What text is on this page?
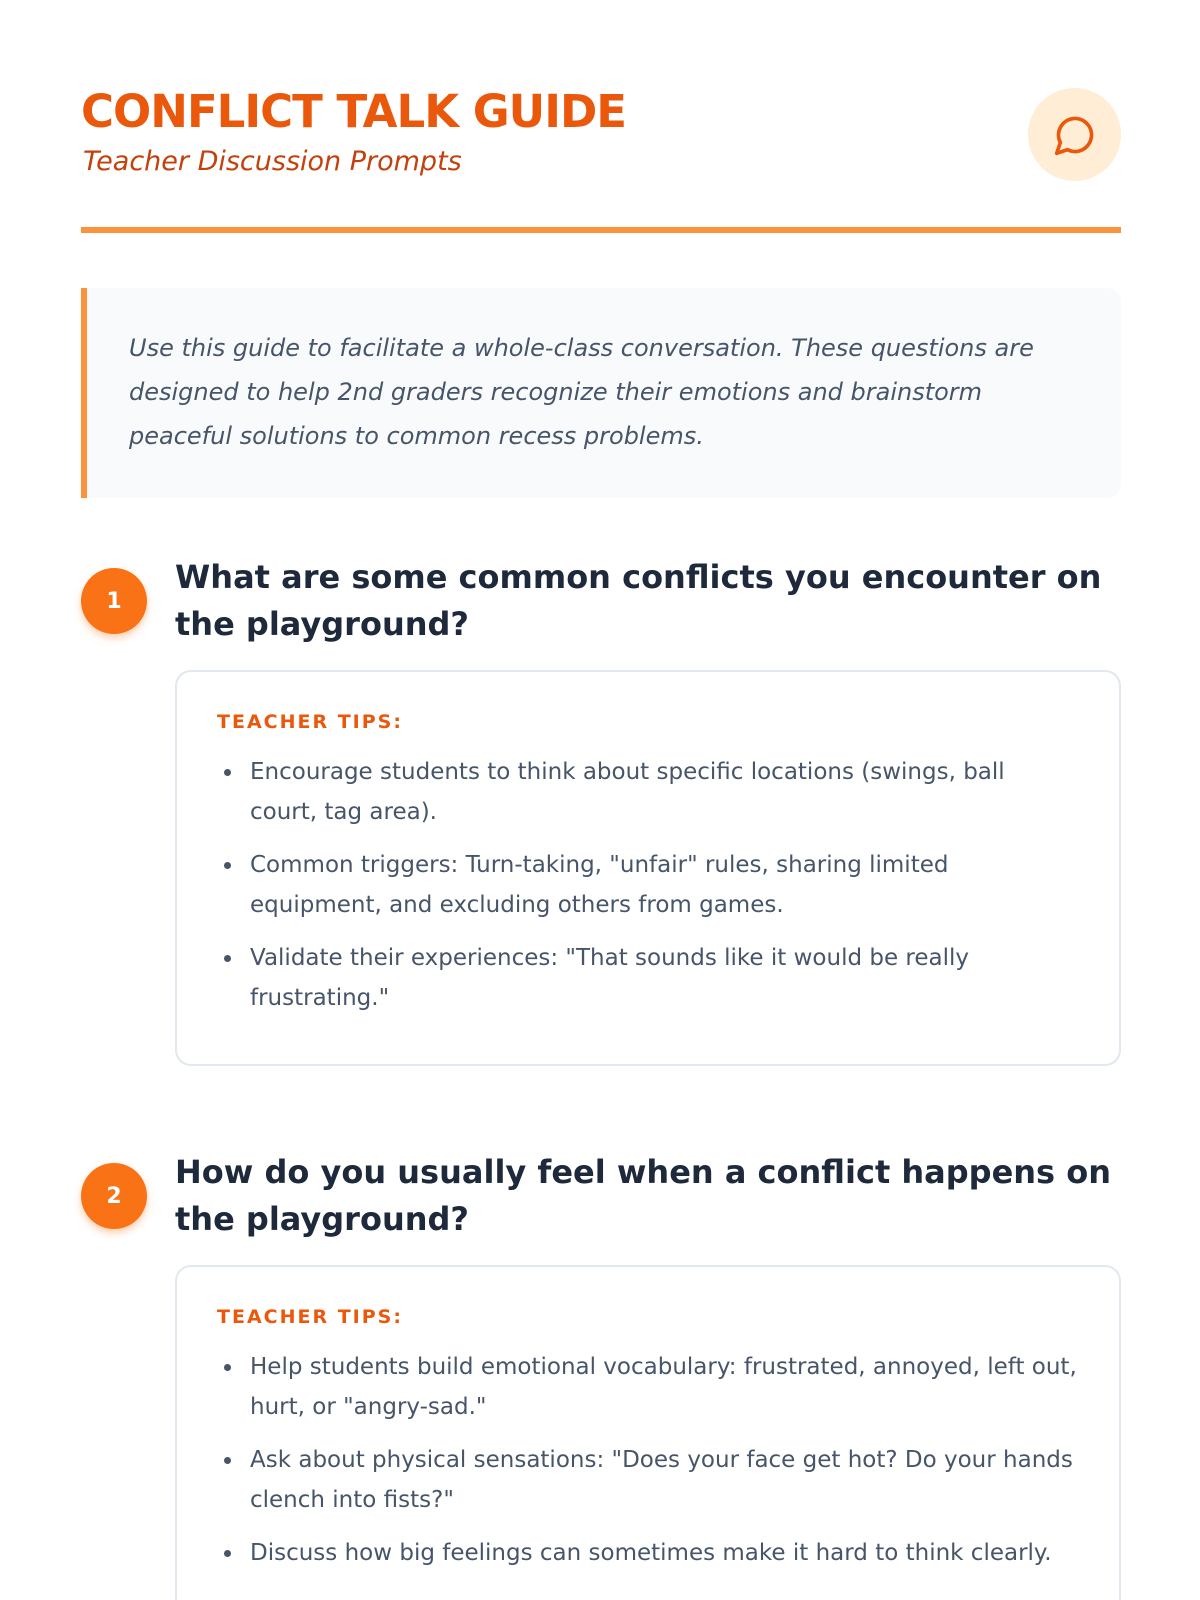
CONFLICT TALK GUIDE
Teacher Discussion Prompts

Use this guide to facilitate a whole-class conversation. These questions are designed to help 2nd graders recognize their emotions and brainstorm peaceful solutions to common recess problems.

1
What are some common conflicts you encounter on the playground?
TEACHER TIPS:
Encourage students to think about specific locations (swings, ball court, tag area).
Common triggers: Turn-taking, "unfair" rules, sharing limited equipment, and excluding others from games.
Validate their experiences: "That sounds like it would be really frustrating."
2
How do you usually feel when a conflict happens on the playground?
TEACHER TIPS:
Help students build emotional vocabulary: frustrated, annoyed, left out, hurt, or "angry-sad."
Ask about physical sensations: "Does your face get hot? Do your hands clench into fists?"
Discuss how big feelings can sometimes make it hard to think clearly.
